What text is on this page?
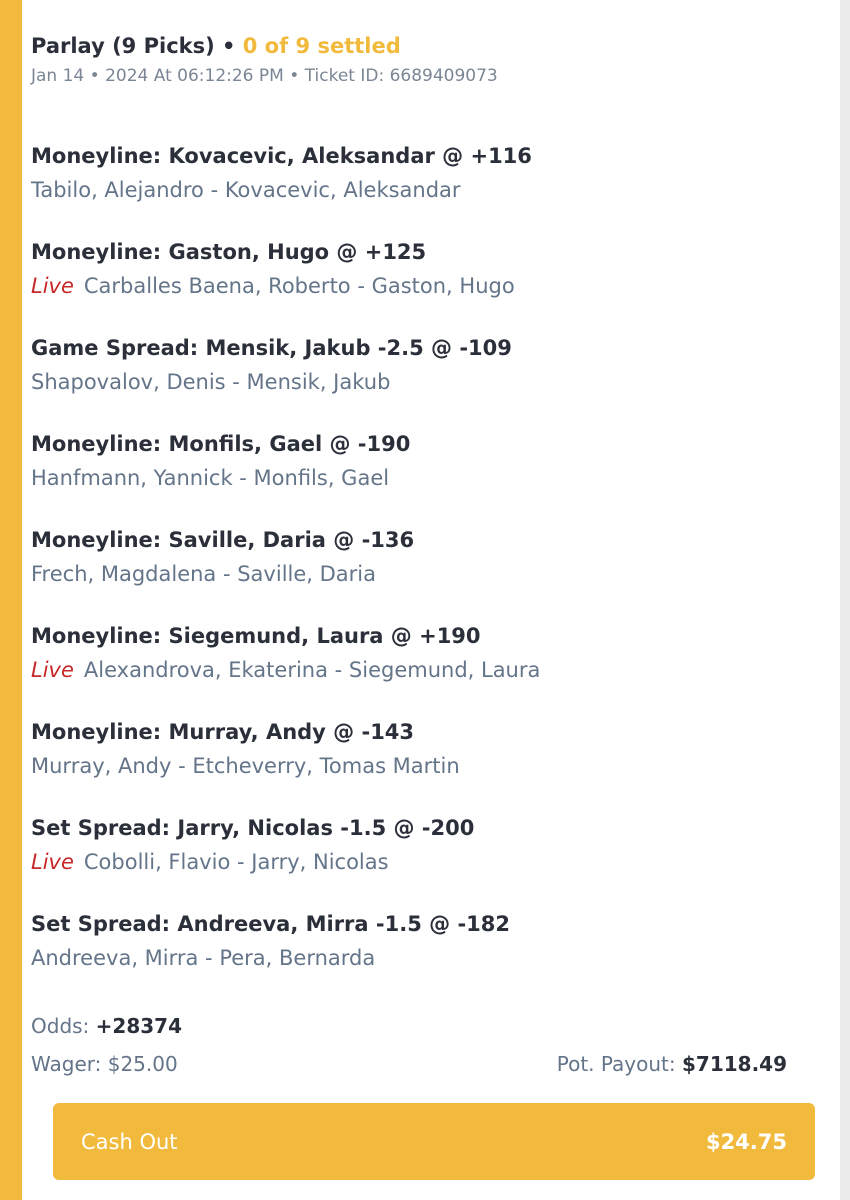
Parlay (9 Picks) • 0 of 9 settled
Jan 14 • 2024 At 06:12:26 PM • Ticket ID: 6689409073
Moneyline: Kovacevic, Aleksandar @ +116
Tabilo, Alejandro - Kovacevic, Aleksandar
Moneyline: Gaston, Hugo @ +125
Live Carballes Baena, Roberto - Gaston, Hugo
Game Spread: Mensik, Jakub -2.5 @ -109
Shapovalov, Denis - Mensik, Jakub
Moneyline: Monfils, Gael @ -190
Hanfmann, Yannick - Monfils, Gael
Moneyline: Saville, Daria @ -136
Frech, Magdalena - Saville, Daria
Moneyline: Siegemund, Laura @ +190
Live Alexandrova, Ekaterina - Siegemund, Laura
Moneyline: Murray, Andy @ -143
Murray, Andy - Etcheverry, Tomas Martin
Set Spread: Jarry, Nicolas -1.5 @ -200
Live Cobolli, Flavio - Jarry, Nicolas
Set Spread: Andreeva, Mirra -1.5 @ -182
Andreeva, Mirra - Pera, Bernarda
Odds: +28374
Wager: $25.00	Pot. Payout: $7118.49
Cash Out	$24.75
